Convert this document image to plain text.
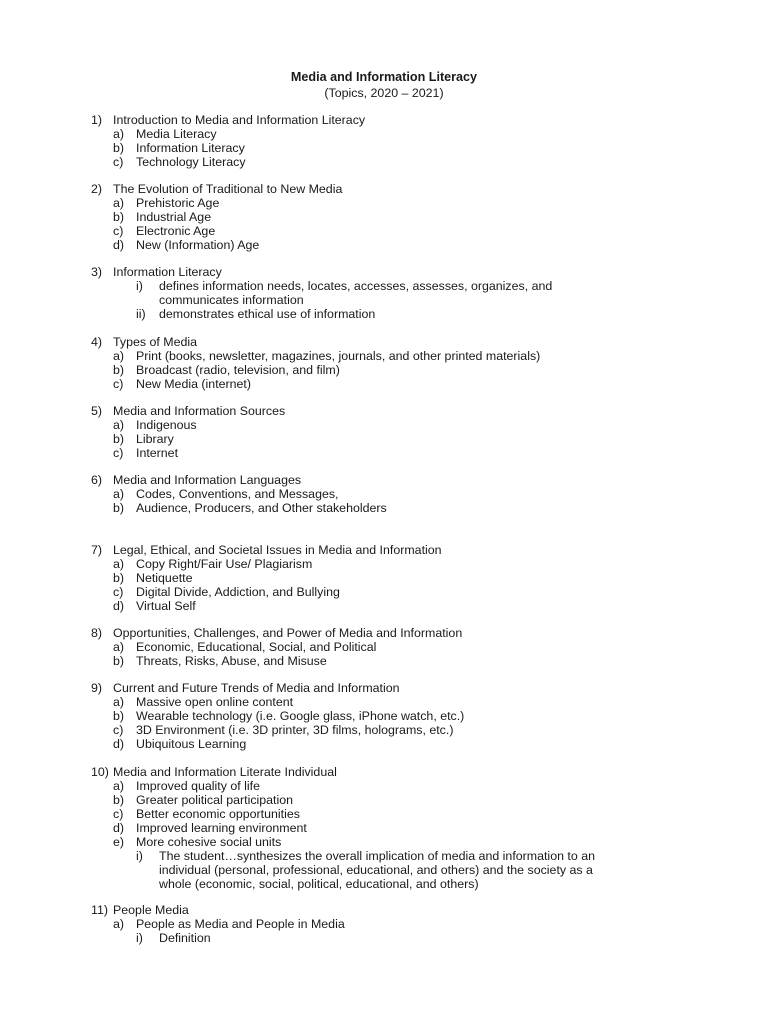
Media and Information Literacy
(Topics, 2020 – 2021)
1) Introduction to Media and Information Literacy
a) Media Literacy
b) Information Literacy
c) Technology Literacy
2) The Evolution of Traditional to New Media
a) Prehistoric Age
b) Industrial Age
c) Electronic Age
d) New (Information) Age
3) Information Literacy
i) defines information needs, locates, accesses, assesses, organizes, and
communicates information
ii) demonstrates ethical use of information
4) Types of Media
a) Print (books, newsletter, magazines, journals, and other printed materials)
b) Broadcast (radio, television, and film)
c) New Media (internet)
5) Media and Information Sources
a) Indigenous
b) Library
c) Internet
6) Media and Information Languages
a) Codes, Conventions, and Messages,
b) Audience, Producers, and Other stakeholders
7) Legal, Ethical, and Societal Issues in Media and Information
a) Copy Right/Fair Use/ Plagiarism
b) Netiquette
c) Digital Divide, Addiction, and Bullying
d) Virtual Self
8) Opportunities, Challenges, and Power of Media and Information
a) Economic, Educational, Social, and Political
b) Threats, Risks, Abuse, and Misuse
9) Current and Future Trends of Media and Information
a) Massive open online content
b) Wearable technology (i.e. Google glass, iPhone watch, etc.)
c) 3D Environment (i.e. 3D printer, 3D films, holograms, etc.)
d) Ubiquitous Learning
10) Media and Information Literate Individual
a) Improved quality of life
b) Greater political participation
c) Better economic opportunities
d) Improved learning environment
e) More cohesive social units
i) The student…synthesizes the overall implication of media and information to an
individual (personal, professional, educational, and others) and the society as a
whole (economic, social, political, educational, and others)
11) People Media
a) People as Media and People in Media
i) Definition
